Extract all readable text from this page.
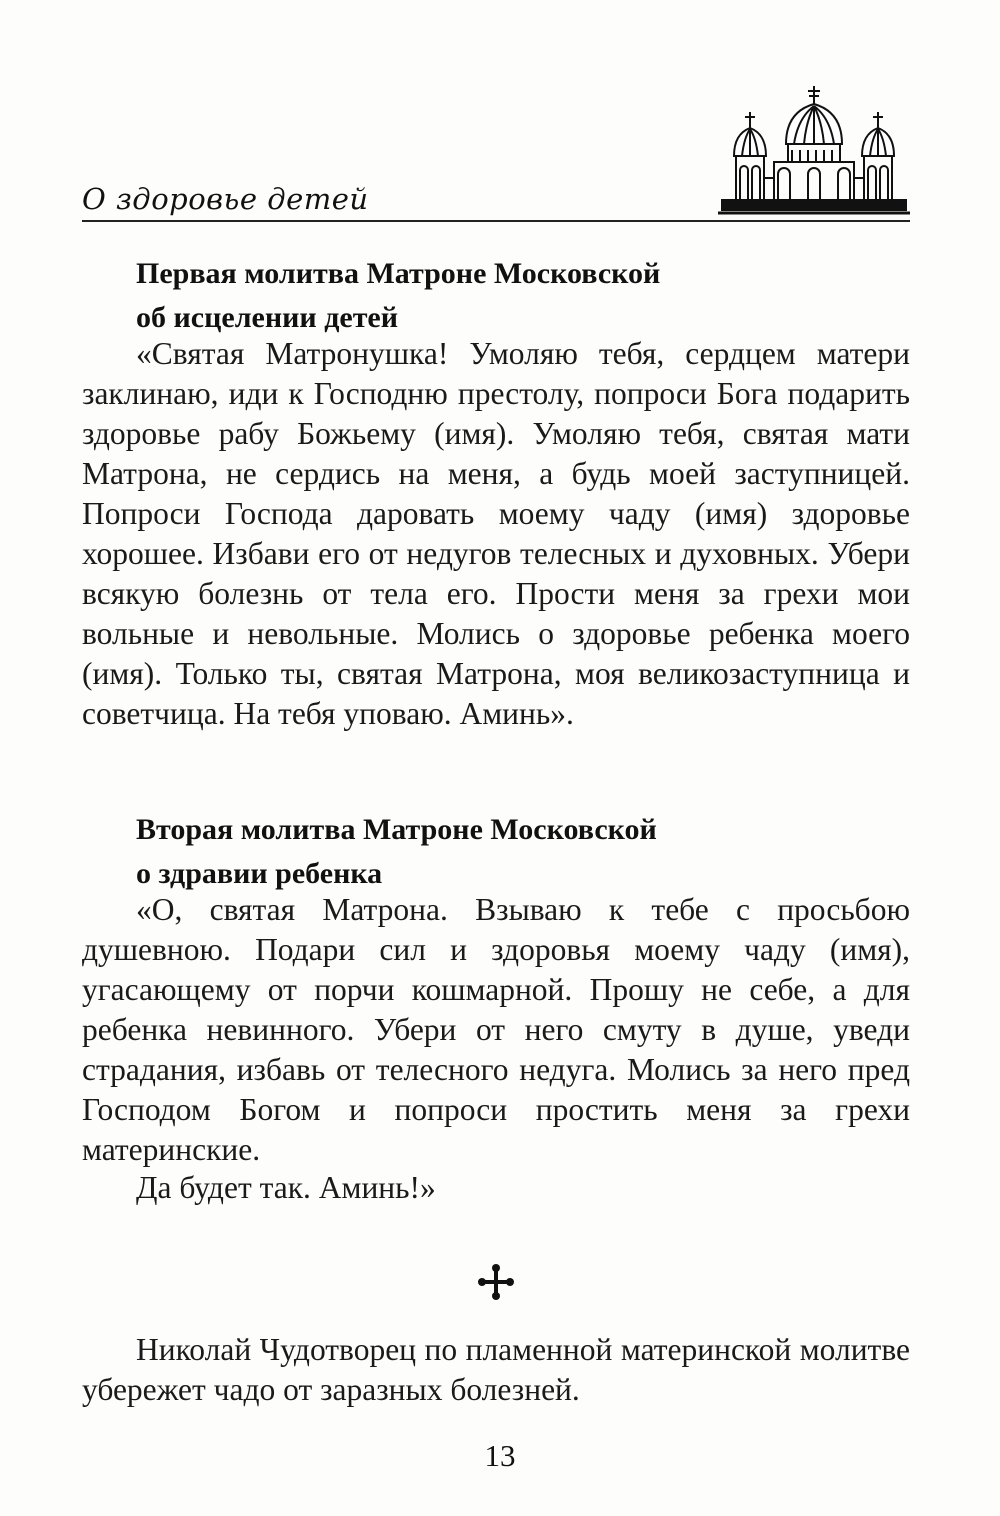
О здоровье детей
Первая молитва Матроне Московской
об исцелении детей

«Святая Матронушка! Умоляю тебя, сердцем матери заклинаю, иди к Господню престолу, попроси Бога подарить здоровье рабу Божьему (имя). Умоляю тебя, святая мати Матрона, не сердись на меня, а будь моей заступницей. Попроси Господа даровать моему чаду (имя) здоровье хорошее. Избави его от недугов телесных и духовных. Убери всякую болезнь от тела его. Прости меня за грехи мои вольные и невольные. Молись о здоровье ребенка моего (имя). Только ты, святая Матрона, моя великозаступница и советчица. На тебя уповаю. Аминь».

Вторая молитва Матроне Московской
о здравии ребенка

«О, святая Матрона. Взываю к тебе с просьбою душевною. Подари сил и здоровья моему чаду (имя), угасающему от порчи кошмарной. Прошу не себе, а для ребенка невинного. Убери от него смуту в душе, уведи страдания, избавь от телесного недуга. Молись за него пред Господом Богом и попроси простить меня за грехи материнские.

Да будет так. Аминь!»

Николай Чудотворец по пламенной материнской молитве убережет чадо от заразных болезней.

13
